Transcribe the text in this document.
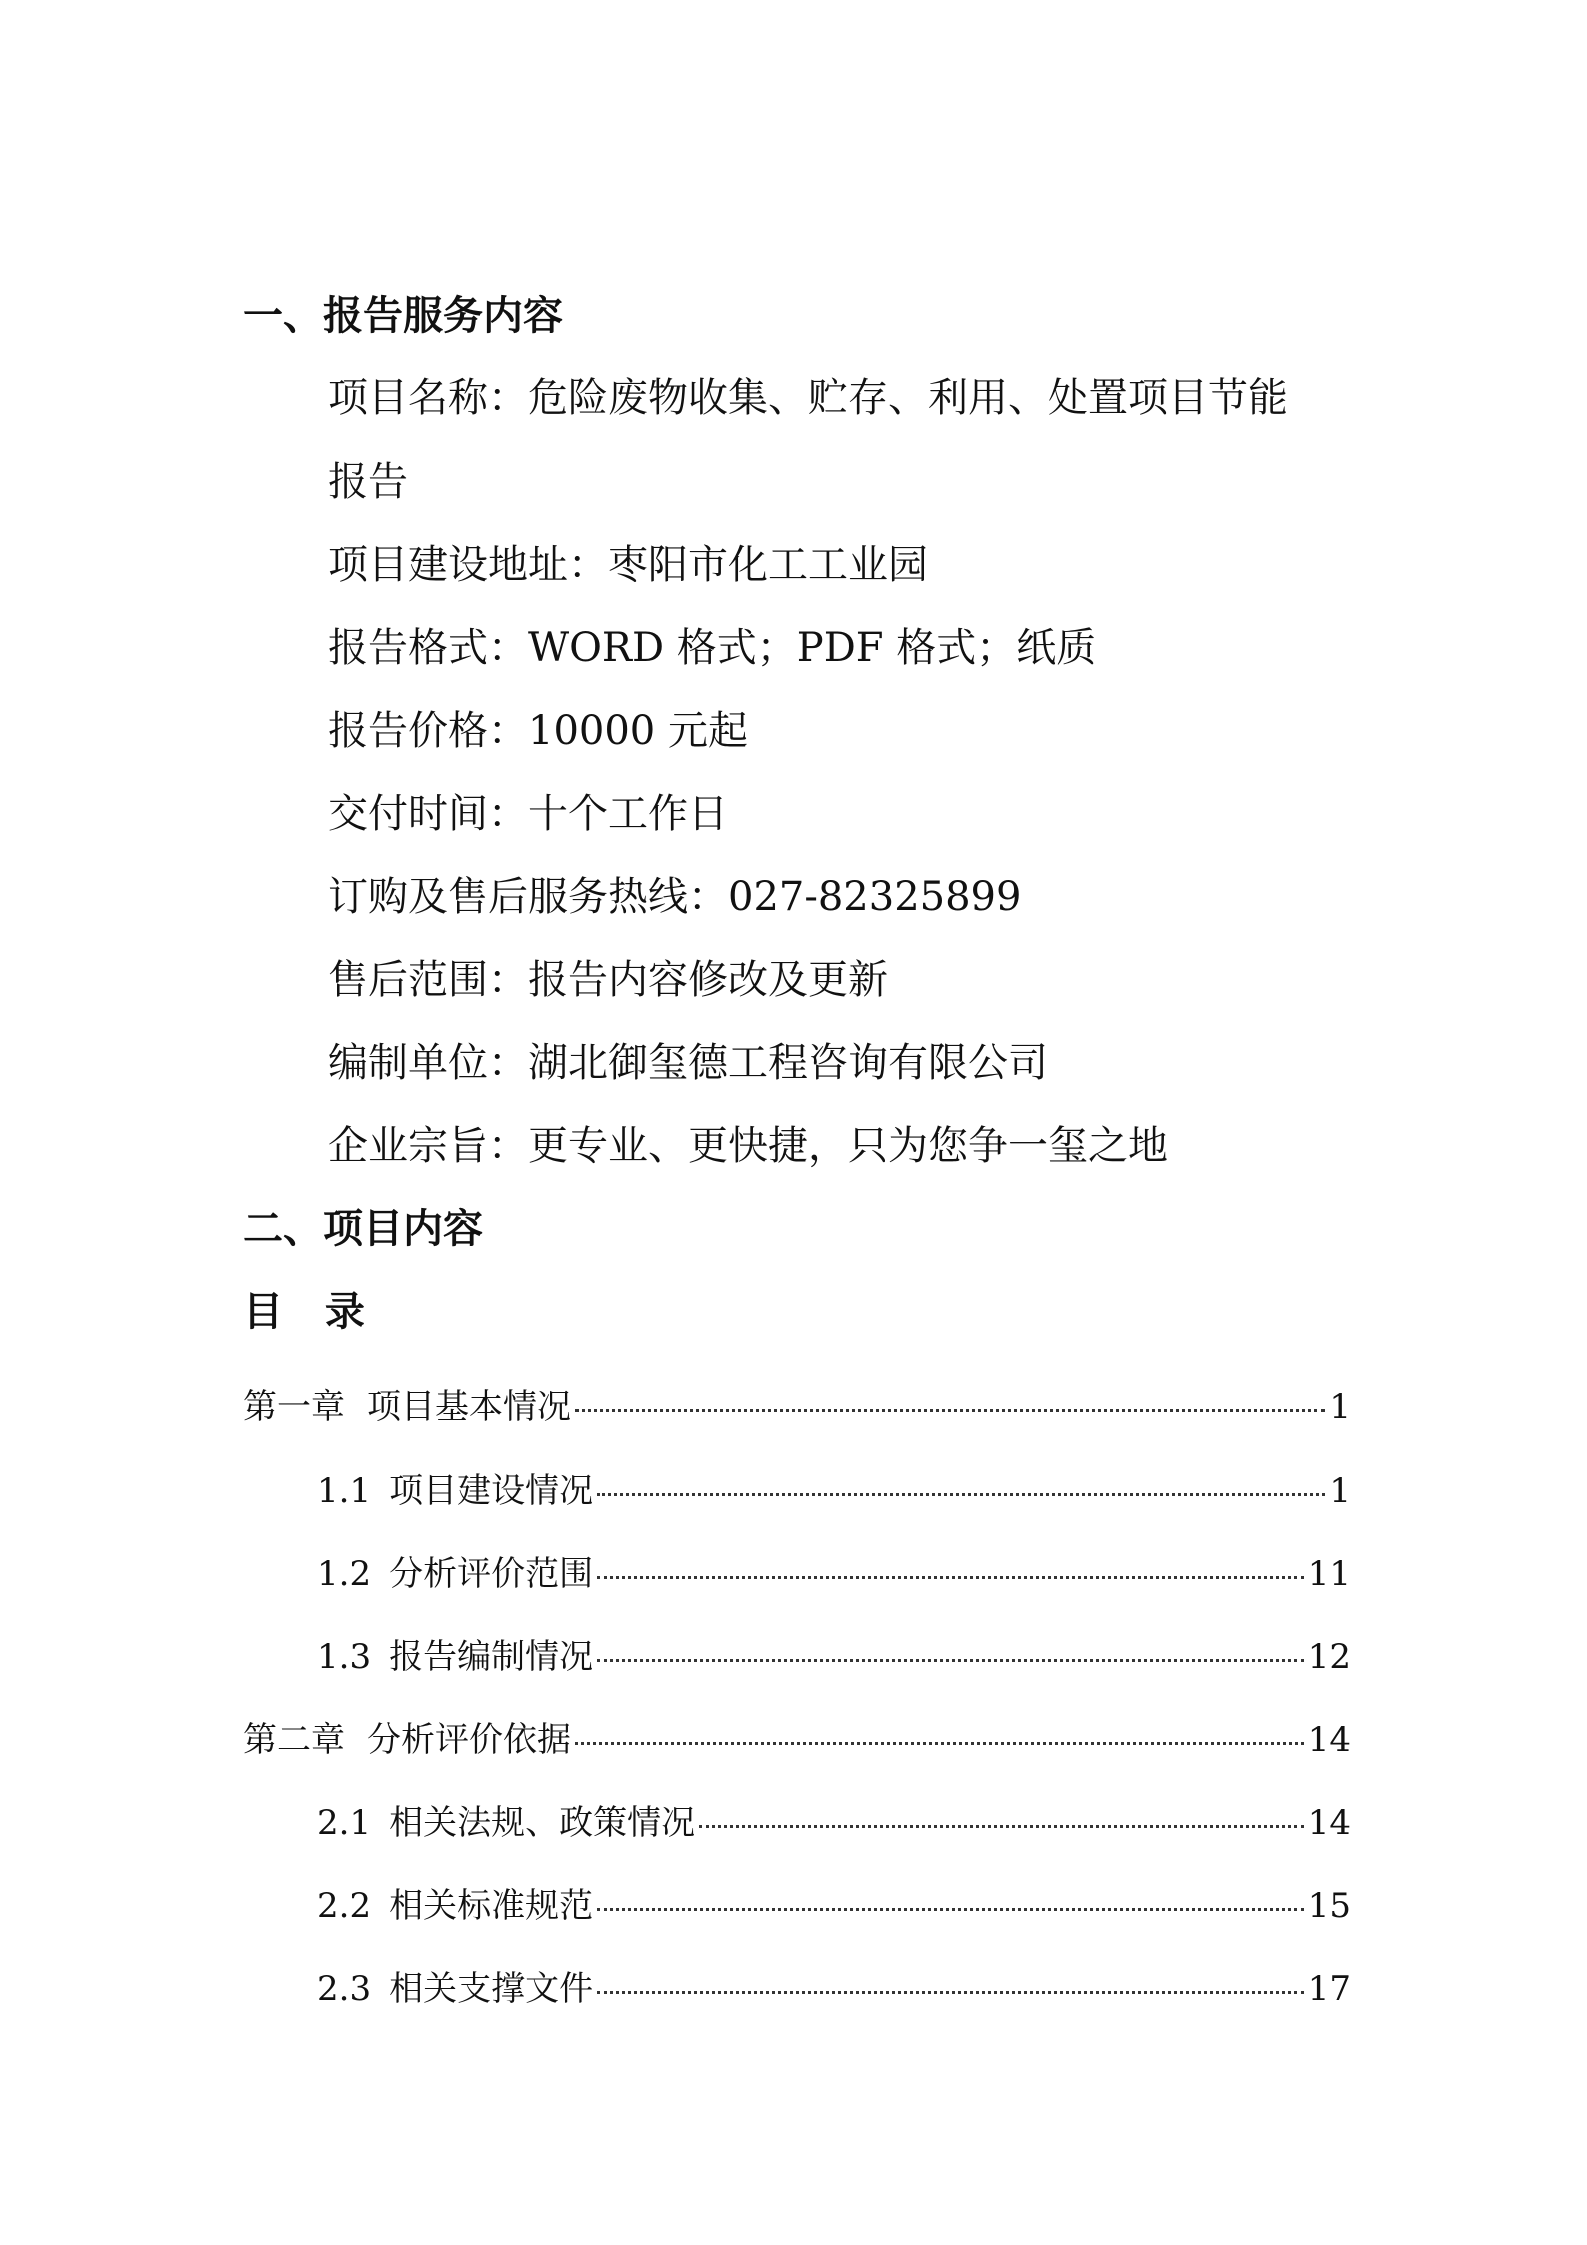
一、报告服务内容
项目名称：危险废物收集、贮存、利用、处置项目节能
报告
项目建设地址：枣阳市化工工业园
报告格式：WORD 格式；PDF 格式；纸质
报告价格：10000 元起
交付时间：十个工作日
订购及售后服务热线：027-82325899
售后范围：报告内容修改及更新
编制单位：湖北御玺德工程咨询有限公司
企业宗旨：更专业、更快捷，只为您争一玺之地
二、项目内容
目 录
第一章 项目基本情况	1
1.1 项目建设情况	1
1.2 分析评价范围	11
1.3 报告编制情况	12
第二章 分析评价依据	14
2.1 相关法规、政策情况	14
2.2 相关标准规范	15
2.3 相关支撑文件	17
